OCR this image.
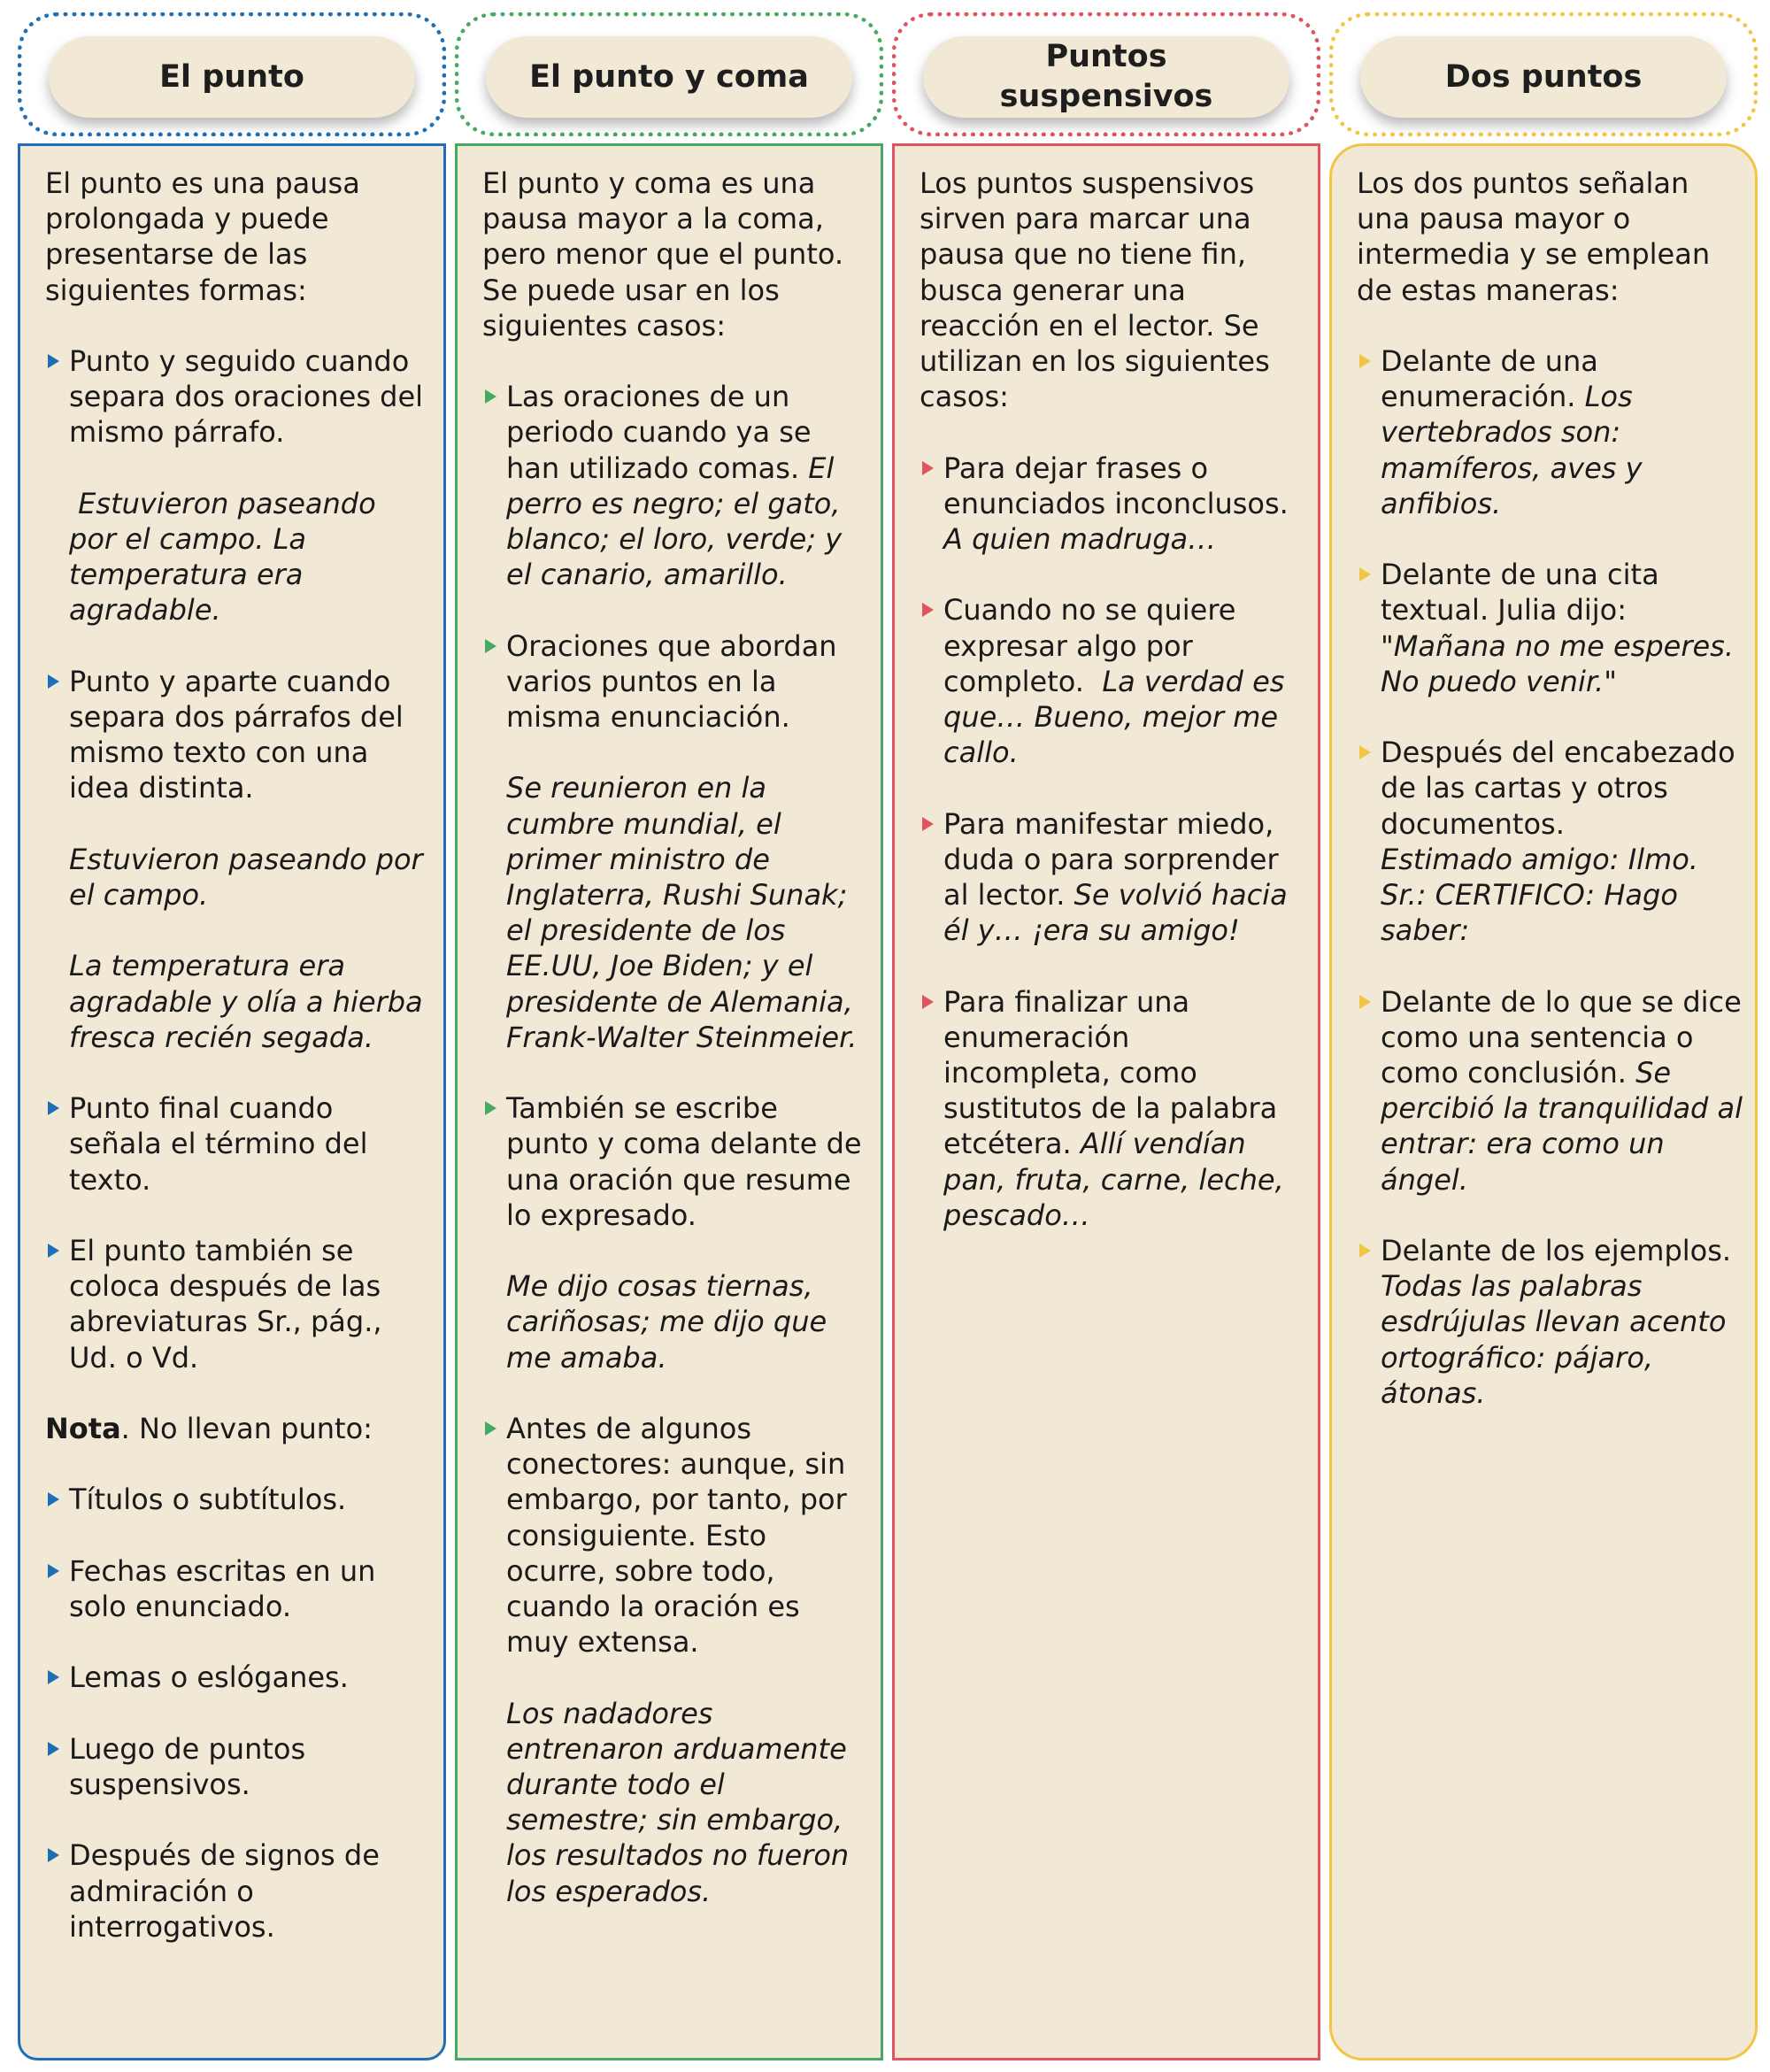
El punto

El punto es una pausa prolongada y puede presentarse de las siguientes formas:

Punto y seguido cuando separa dos oraciones del mismo párrafo.
Estuvieron paseando por el campo. La temperatura era agradable.
Punto y aparte cuando separa dos párrafos del mismo texto con una idea distinta.
Estuvieron paseando por el campo.
La temperatura era agradable y olía a hierba fresca recién segada.
Punto final cuando señala el término del texto.
El punto también se coloca después de las abreviaturas Sr., pág., Ud. o Vd.

Nota. No llevan punto:

Títulos o subtítulos.
Fechas escritas en un solo enunciado.
Lemas o eslóganes.
Luego de puntos suspensivos.
Después de signos de admiración o interrogativos.
El punto y coma

El punto y coma es una pausa mayor a la coma, pero menor que el punto. Se puede usar en los siguientes casos:

Las oraciones de un periodo cuando ya se han utilizado comas. El perro es negro; el gato, blanco; el loro, verde; y el canario, amarillo.
Oraciones que abordan varios puntos en la misma enunciación.
Se reunieron en la cumbre mundial, el primer ministro de Inglaterra, Rushi Sunak; el presidente de los EE.UU, Joe Biden; y el presidente de Alemania, Frank-Walter Steinmeier.
También se escribe punto y coma delante de una oración que resume lo expresado.
Me dijo cosas tiernas, cariñosas; me dijo que me amaba.
Antes de algunos conectores: aunque, sin embargo, por tanto, por consiguiente. Esto ocurre, sobre todo, cuando la oración es muy extensa.
Los nadadores entrenaron arduamente durante todo el semestre; sin embargo, los resultados no fueron los esperados.
Puntos suspensivos

Los puntos suspensivos sirven para marcar una pausa que no tiene fin, busca generar una reacción en el lector. Se utilizan en los siguientes casos:

Para dejar frases o enunciados inconclusos.
A quien madruga…
Cuando no se quiere expresar algo por completo.  La verdad es que… Bueno, mejor me callo.
Para manifestar miedo, duda o para sorprender al lector. Se volvió hacia él y… ¡era su amigo!
Para finalizar una enumeración incompleta, como sustitutos de la palabra etcétera. Allí vendían pan, fruta, carne, leche, pescado…
Dos puntos

Los dos puntos señalan una pausa mayor o intermedia y se emplean de estas maneras:

Delante de una enumeración. Los vertebrados son: mamíferos, aves y anfibios.
Delante de una cita textual. Julia dijo: "Mañana no me esperes. No puedo venir."
Después del encabezado de las cartas y otros documentos.
Estimado amigo: Ilmo. Sr.: CERTIFICO: Hago saber:
Delante de lo que se dice como una sentencia o como conclusión. Se percibió la tranquilidad al entrar: era como un ángel.
Delante de los ejemplos. Todas las palabras esdrújulas llevan acento ortográfico: pájaro, átonas.
